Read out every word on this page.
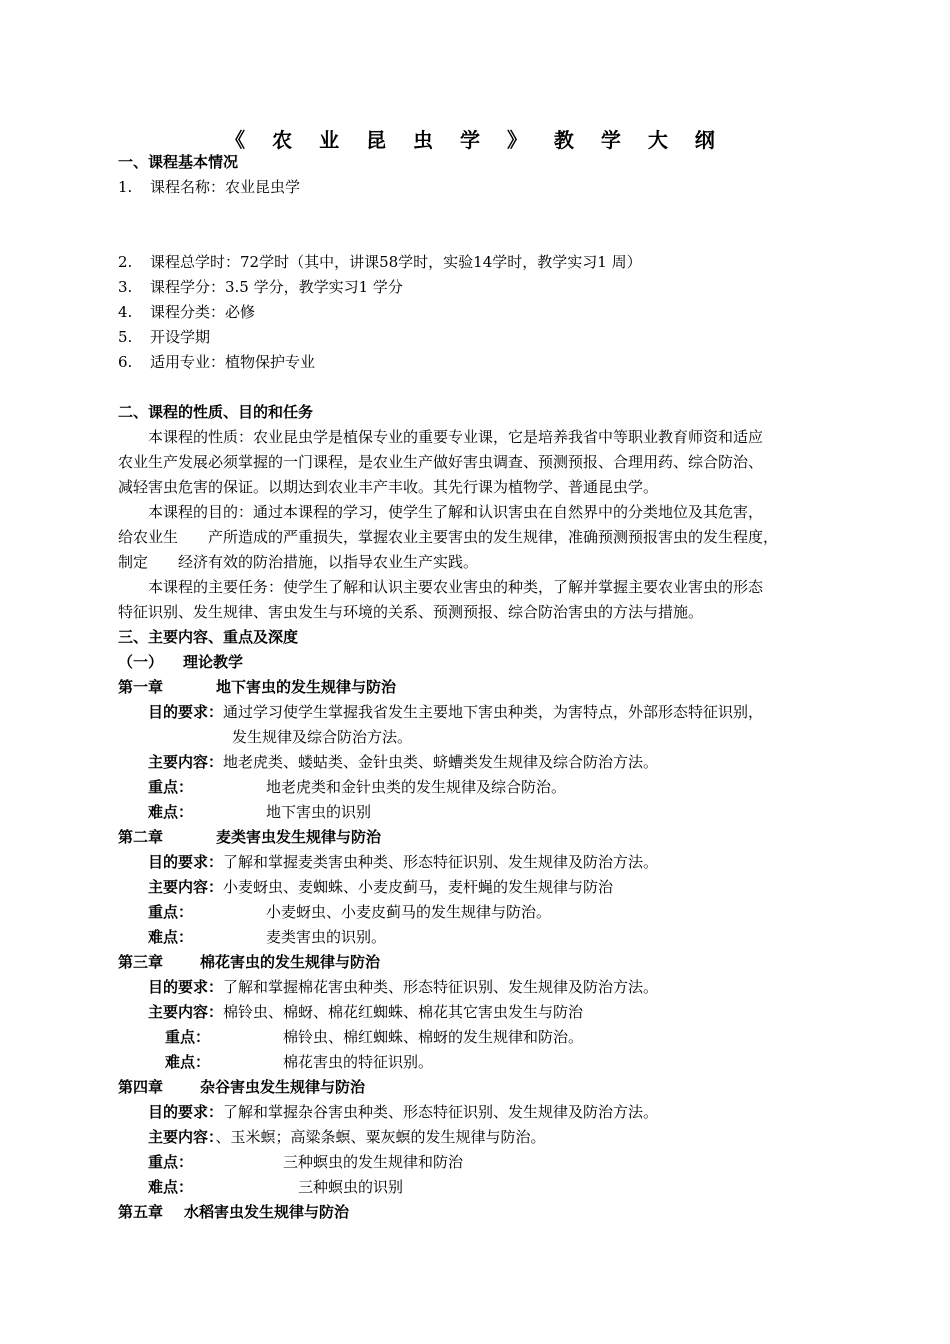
《 农 业 昆 虫 学 》 教 学 大 纲
一、课程基本情况
1. 课程名称：农业昆虫学
2. 课程总学时：72学时（其中，讲课58学时，实验14学时，教学实习1 周）
3. 课程学分：3.5 学分，教学实习1 学分
4. 课程分类：必修
5. 开设学期
6. 适用专业：植物保护专业
二、课程的性质、目的和任务
本课程的性质：农业昆虫学是植保专业的重要专业课，它是培养我省中等职业教育师资和适应
农业生产发展必须掌握的一门课程，是农业生产做好害虫调查、预测预报、合理用药、综合防治、
减轻害虫危害的保证。以期达到农业丰产丰收。其先行课为植物学、普通昆虫学。
本课程的目的：通过本课程的学习，使学生了解和认识害虫在自然界中的分类地位及其危害，
给农业生 产所造成的严重损失，掌握农业主要害虫的发生规律，准确预测预报害虫的发生程度，
制定 经济有效的防治措施，以指导农业生产实践。
本课程的主要任务：使学生了解和认识主要农业害虫的种类，了解并掌握主要农业害虫的形态
特征识别、发生规律、害虫发生与环境的关系、预测预报、综合防治害虫的方法与措施。
三、主要内容、重点及深度
（一） 理论教学
第一章	地下害虫的发生规律与防治
目的要求：通过学习使学生掌握我省发生主要地下害虫种类，为害特点，外部形态特征识别，
发生规律及综合防治方法。
主要内容：地老虎类、蝼蛄类、金针虫类、蛴螬类发生规律及综合防治方法。
重点：	地老虎类和金针虫类的发生规律及综合防治。
难点：	地下害虫的识别
第二章	麦类害虫发生规律与防治
目的要求：了解和掌握麦类害虫种类、形态特征识别、发生规律及防治方法。
主要内容：小麦蚜虫、麦蜘蛛、小麦皮蓟马，麦杆蝇的发生规律与防治
重点：	小麦蚜虫、小麦皮蓟马的发生规律与防治。
难点：	麦类害虫的识别。
第三章 棉花害虫的发生规律与防治
目的要求：了解和掌握棉花害虫种类、形态特征识别、发生规律及防治方法。
主要内容：棉铃虫、棉蚜、棉花红蜘蛛、棉花其它害虫发生与防治
重点：	棉铃虫、棉红蜘蛛、棉蚜的发生规律和防治。
难点：	棉花害虫的特征识别。
第四章 杂谷害虫发生规律与防治
目的要求：了解和掌握杂谷害虫种类、形态特征识别、发生规律及防治方法。
主要内容：、玉米螟；高粱条螟、粟灰螟的发生规律与防治。
重点：	三种螟虫的发生规律和防治
难点：	三种螟虫的识别
第五章 水稻害虫发生规律与防治
